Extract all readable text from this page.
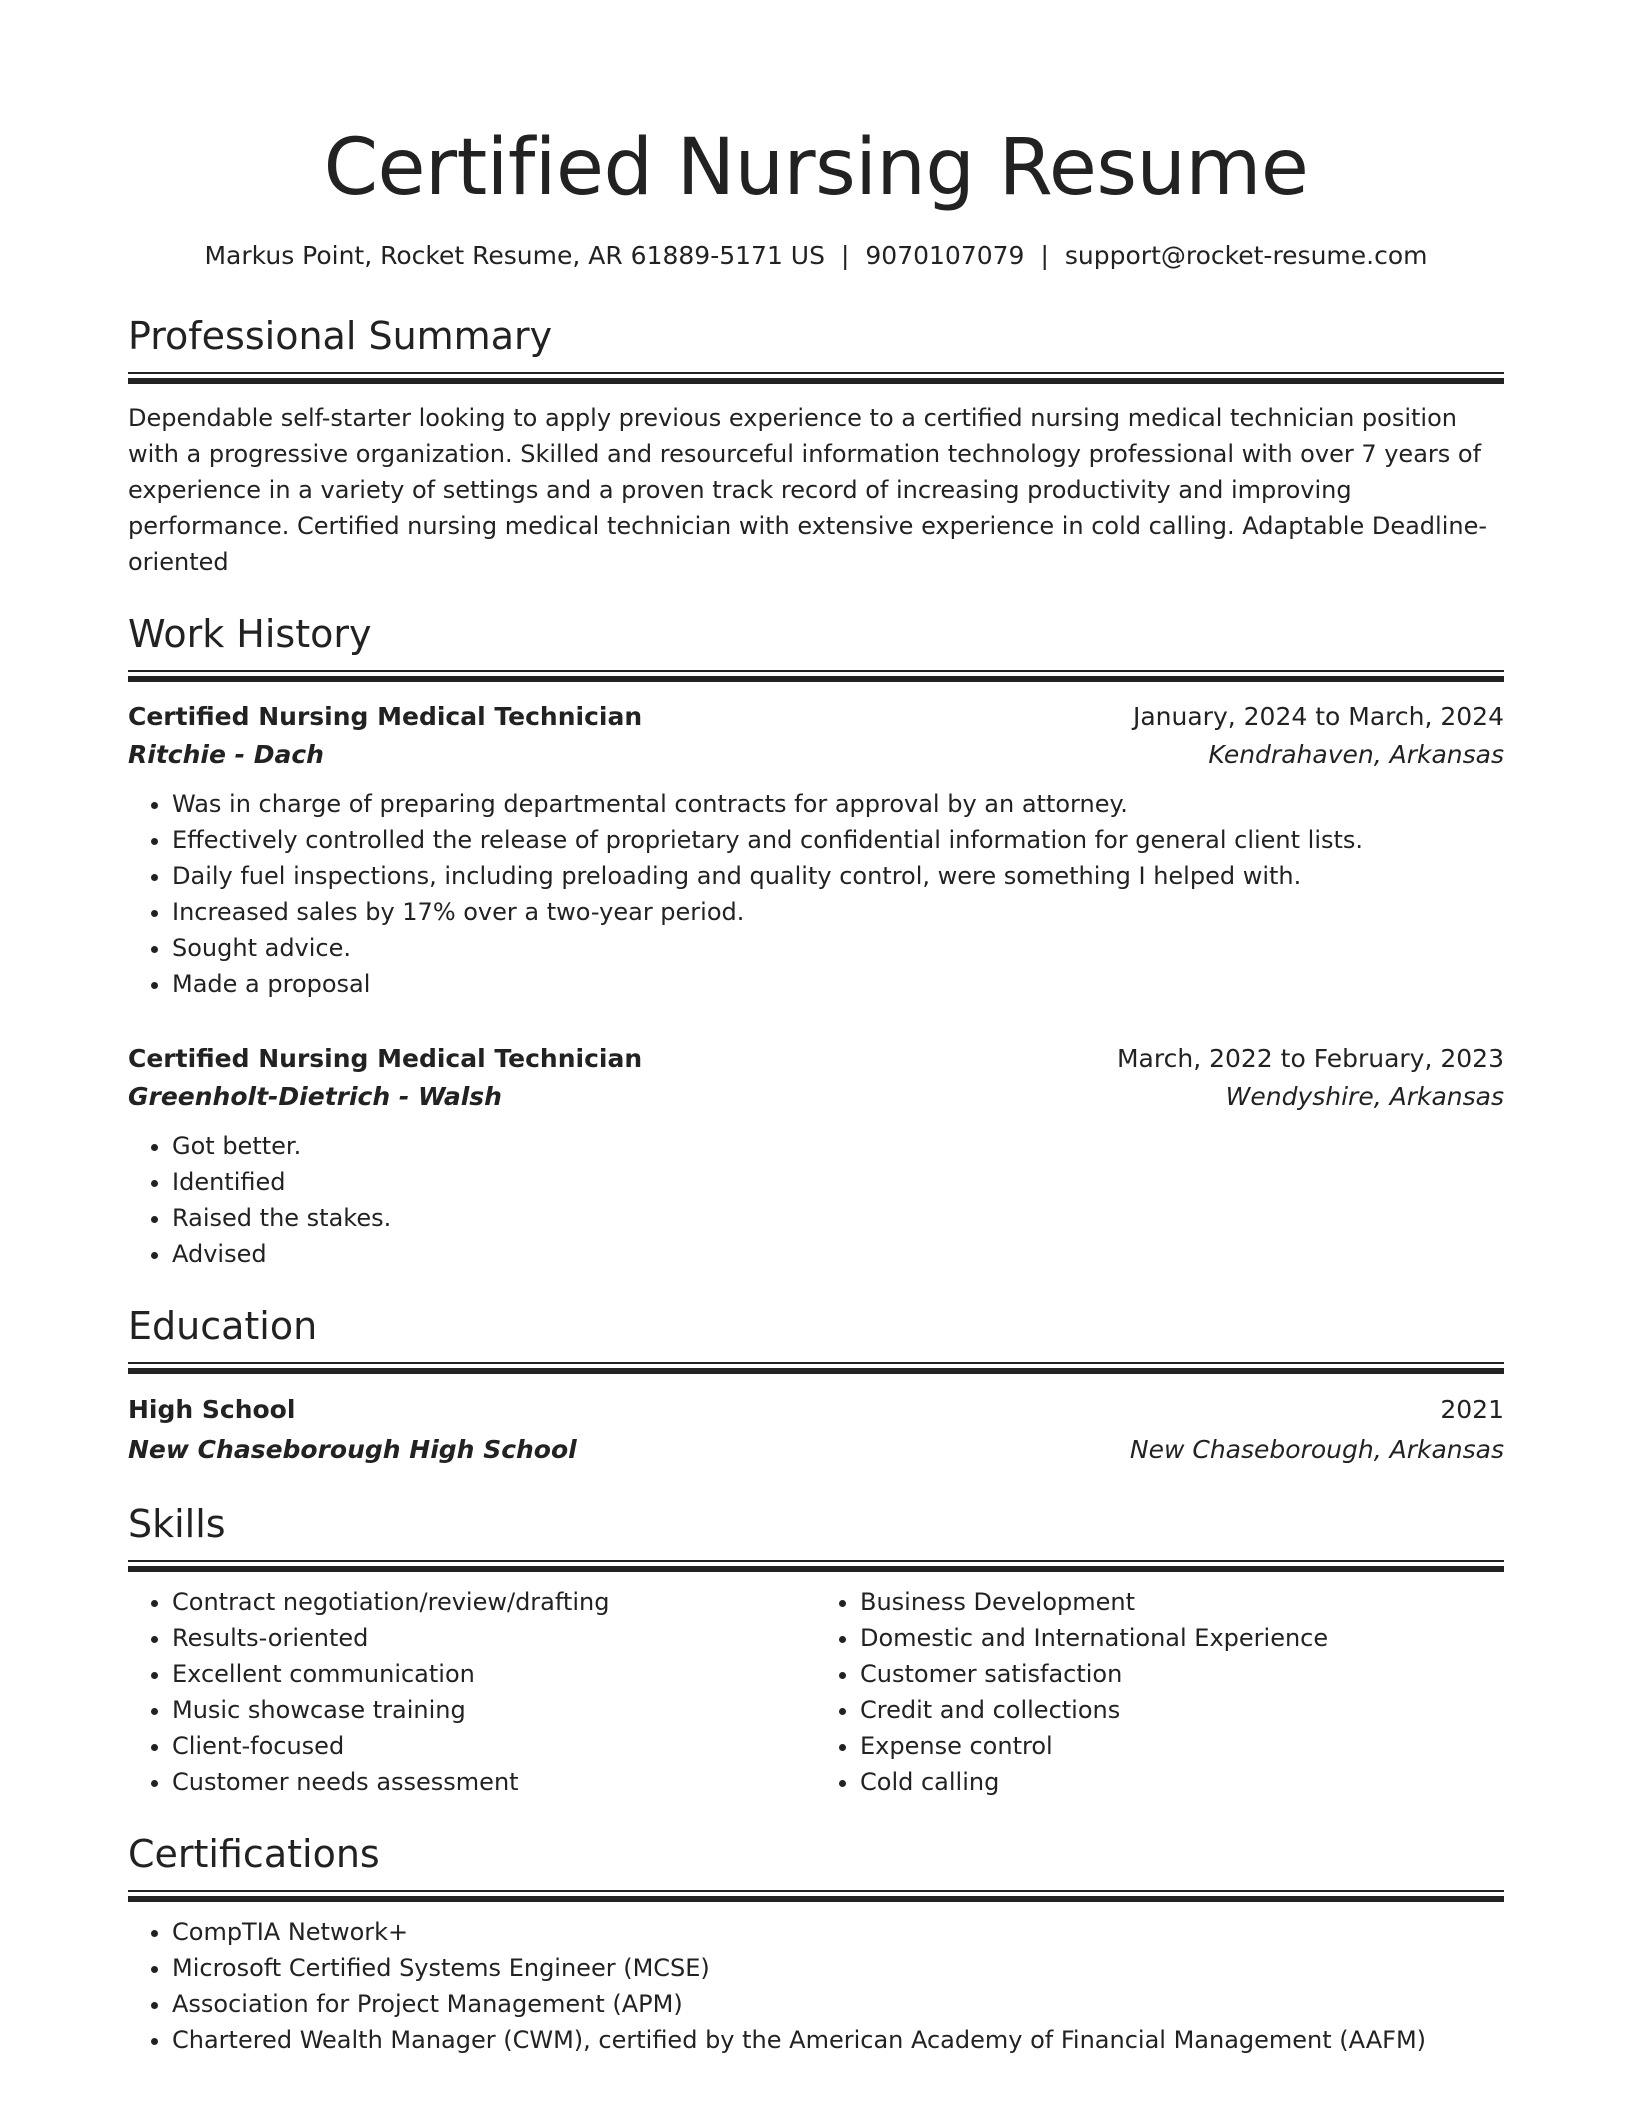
Certified Nursing Resume
Markus Point, Rocket Resume, AR 61889-5171 US | 9070107079 | support@rocket-resume.com
Professional Summary
Dependable self-starter looking to apply previous experience to a certified nursing medical technician position with a progressive organization. Skilled and resourceful information technology professional with over 7 years of experience in a variety of settings and a proven track record of increasing productivity and improving performance. Certified nursing medical technician with extensive experience in cold calling. Adaptable Deadline-oriented
Work History
Certified Nursing Medical Technician	January, 2024 to March, 2024
Ritchie - Dach	Kendrahaven, Arkansas
• Was in charge of preparing departmental contracts for approval by an attorney.
• Effectively controlled the release of proprietary and confidential information for general client lists.
• Daily fuel inspections, including preloading and quality control, were something I helped with.
• Increased sales by 17% over a two-year period.
• Sought advice.
• Made a proposal
Certified Nursing Medical Technician	March, 2022 to February, 2023
Greenholt-Dietrich - Walsh	Wendyshire, Arkansas
• Got better.
• Identified
• Raised the stakes.
• Advised
Education
High School	2021
New Chaseborough High School	New Chaseborough, Arkansas
Skills
• Contract negotiation/review/drafting
• Results-oriented
• Excellent communication
• Music showcase training
• Client-focused
• Customer needs assessment
• Business Development
• Domestic and International Experience
• Customer satisfaction
• Credit and collections
• Expense control
• Cold calling
Certifications
• CompTIA Network+
• Microsoft Certified Systems Engineer (MCSE)
• Association for Project Management (APM)
• Chartered Wealth Manager (CWM), certified by the American Academy of Financial Management (AAFM)
